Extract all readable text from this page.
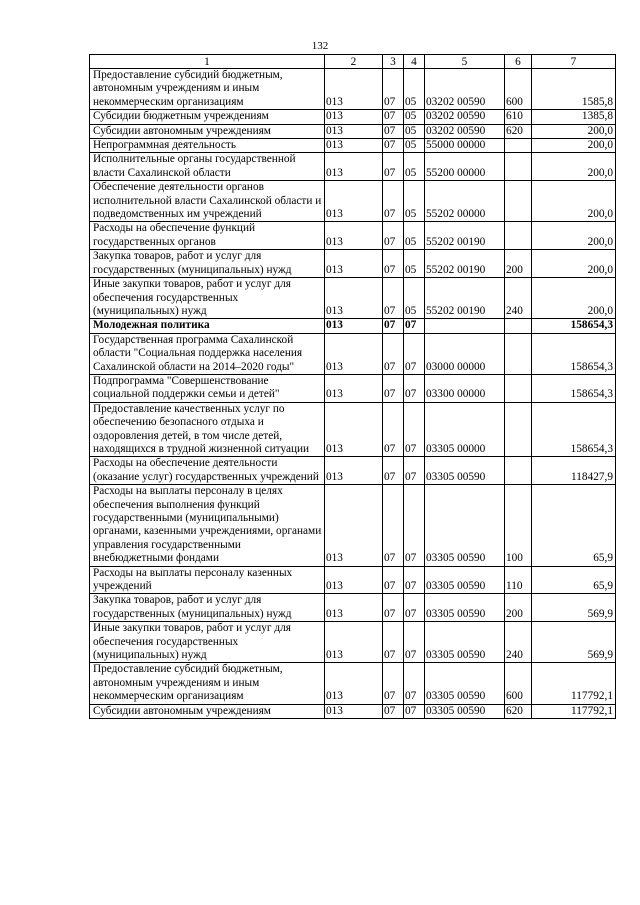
132
1	2	3	4	5	6	7
Предоставление субсидий бюджетным, автономным учреждениям и иным некоммерческим организациям	013	07	05	03202 00590	600	1585,8
Субсидии бюджетным учреждениям	013	07	05	03202 00590	610	1385,8
Субсидии автономным учреждениям	013	07	05	03202 00590	620	200,0
Непрограммная деятельность	013	07	05	55000 00000		200,0
Исполнительные органы государственной власти Сахалинской области	013	07	05	55200 00000		200,0
Обеспечение деятельности органов исполнительной власти Сахалинской области и подведомственных им учреждений	013	07	05	55202 00000		200,0
Расходы на обеспечение функций государственных органов	013	07	05	55202 00190		200,0
Закупка товаров, работ и услуг для государственных (муниципальных) нужд	013	07	05	55202 00190	200	200,0
Иные закупки товаров, работ и услуг для обеспечения государственных (муниципальных) нужд	013	07	05	55202 00190	240	200,0
Молодежная политика	013	07	07			158654,3
Государственная программа Сахалинской области "Социальная поддержка населения Сахалинской области на 2014–2020 годы"	013	07	07	03000 00000		158654,3
Подпрограмма "Совершенствование социальной поддержки семьи и детей"	013	07	07	03300 00000		158654,3
Предоставление качественных услуг по обеспечению безопасного отдыха и оздоровления детей, в том числе детей, находящихся в трудной жизненной ситуации	013	07	07	03305 00000		158654,3
Расходы на обеспечение деятельности (оказание услуг) государственных учреждений	013	07	07	03305 00590		118427,9
Расходы на выплаты персоналу в целях обеспечения выполнения функций государственными (муниципальными) органами, казенными учреждениями, органами управления государственными внебюджетными фондами	013	07	07	03305 00590	100	65,9
Расходы на выплаты персоналу казенных учреждений	013	07	07	03305 00590	110	65,9
Закупка товаров, работ и услуг для государственных (муниципальных) нужд	013	07	07	03305 00590	200	569,9
Иные закупки товаров, работ и услуг для обеспечения государственных (муниципальных) нужд	013	07	07	03305 00590	240	569,9
Предоставление субсидий бюджетным, автономным учреждениям и иным некоммерческим организациям	013	07	07	03305 00590	600	117792,1
Субсидии автономным учреждениям	013	07	07	03305 00590	620	117792,1
